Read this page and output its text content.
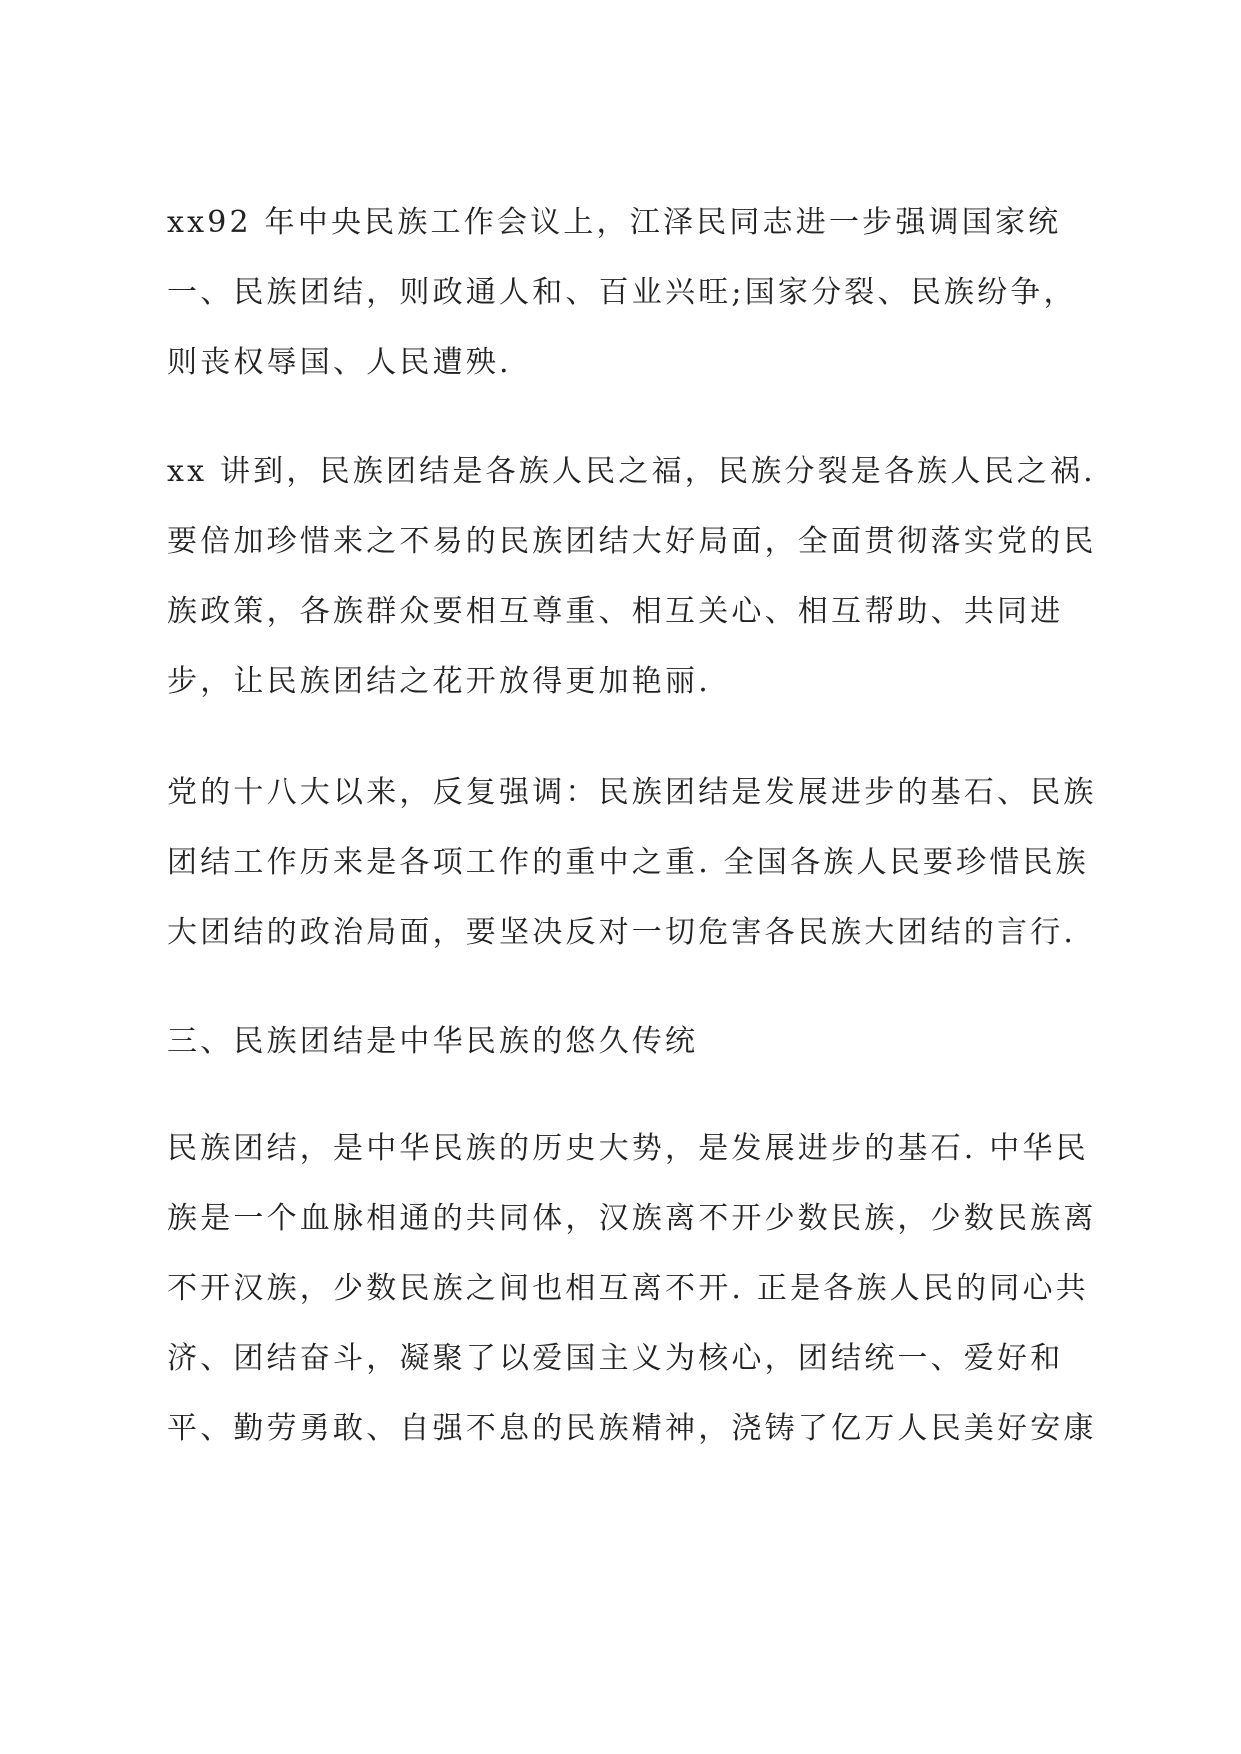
xx92 年中央民族工作会议上，江泽民同志进一步强调国家统
一、民族团结，则政通人和、百业兴旺;国家分裂、民族纷争，
则丧权辱国、人民遭殃.
xx 讲到，民族团结是各族人民之福，民族分裂是各族人民之祸.
要倍加珍惜来之不易的民族团结大好局面，全面贯彻落实党的民
族政策，各族群众要相互尊重、相互关心、相互帮助、共同进
步，让民族团结之花开放得更加艳丽.
党的十八大以来，反复强调：民族团结是发展进步的基石、民族
团结工作历来是各项工作的重中之重. 全国各族人民要珍惜民族
大团结的政治局面，要坚决反对一切危害各民族大团结的言行.
三、民族团结是中华民族的悠久传统
民族团结，是中华民族的历史大势，是发展进步的基石. 中华民
族是一个血脉相通的共同体，汉族离不开少数民族，少数民族离
不开汉族，少数民族之间也相互离不开. 正是各族人民的同心共
济、团结奋斗，凝聚了以爱国主义为核心，团结统一、爱好和
平、勤劳勇敢、自强不息的民族精神，浇铸了亿万人民美好安康
